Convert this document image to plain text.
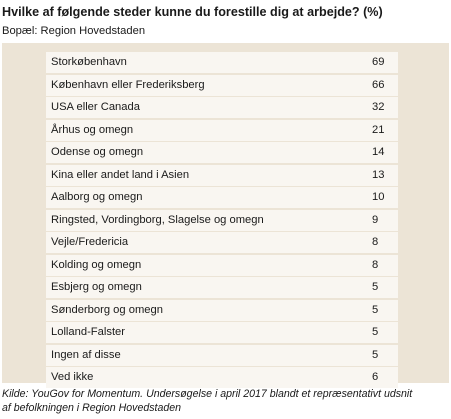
Hvilke af følgende steder kunne du forestille dig at arbejde? (%)
Bopæl: Region Hovedstaden
Storkøbenhavn	69
København eller Frederiksberg	66
USA eller Canada	32
Århus og omegn	21
Odense og omegn	14
Kina eller andet land i Asien	13
Aalborg og omegn	10
Ringsted, Vordingborg, Slagelse og omegn	9
Vejle/Fredericia	8
Kolding og omegn	8
Esbjerg og omegn	5
Sønderborg og omegn	5
Lolland-Falster	5
Ingen af disse	5
Ved ikke	6
Kilde: YouGov for Momentum. Undersøgelse i april 2017 blandt et repræsentativt udsnit
af befolkningen i Region Hovedstaden
